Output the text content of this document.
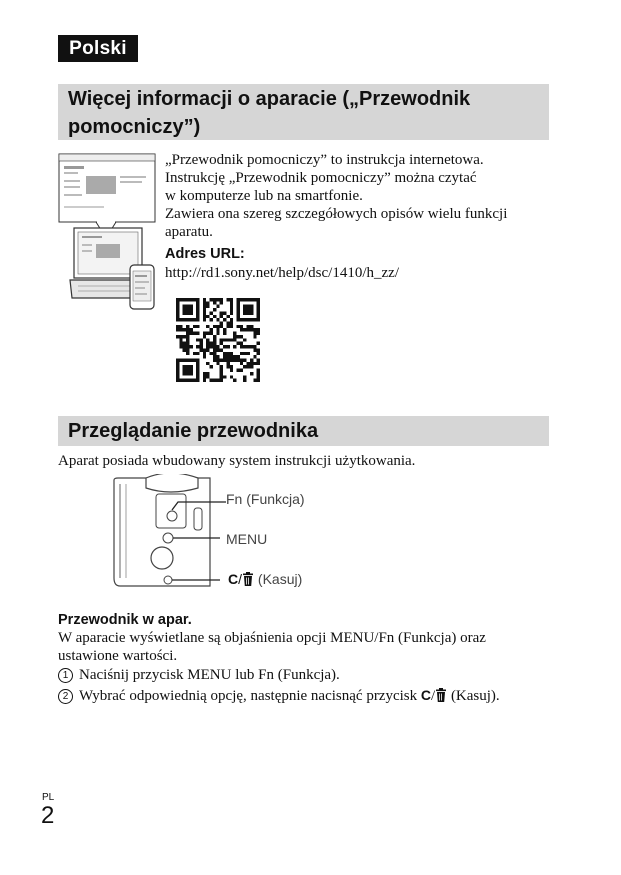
Polski
Więcej informacji o aparacie („Przewodnik
pomocniczy”)
„Przewodnik pomocniczy” to instrukcja internetowa.
Instrukcję „Przewodnik pomocniczy” można czytać
w komputerze lub na smartfonie.
Zawiera ona szereg szczegółowych opisów wielu funkcji
aparatu.
Adres URL:
http://rd1.sony.net/help/dsc/1410/h_zz/
Przeglądanie przewodnika
Aparat posiada wbudowany system instrukcji użytkowania.
Fn (Funkcja)
MENU
C/ (Kasuj)
Przewodnik w apar.
W aparacie wyświetlane są objaśnienia opcji MENU/Fn (Funkcja) oraz
ustawione wartości.
1 Naciśnij przycisk MENU lub Fn (Funkcja).
2 Wybrać odpowiednią opcję, następnie nacisnąć przycisk C/ (Kasuj).
PL
2
